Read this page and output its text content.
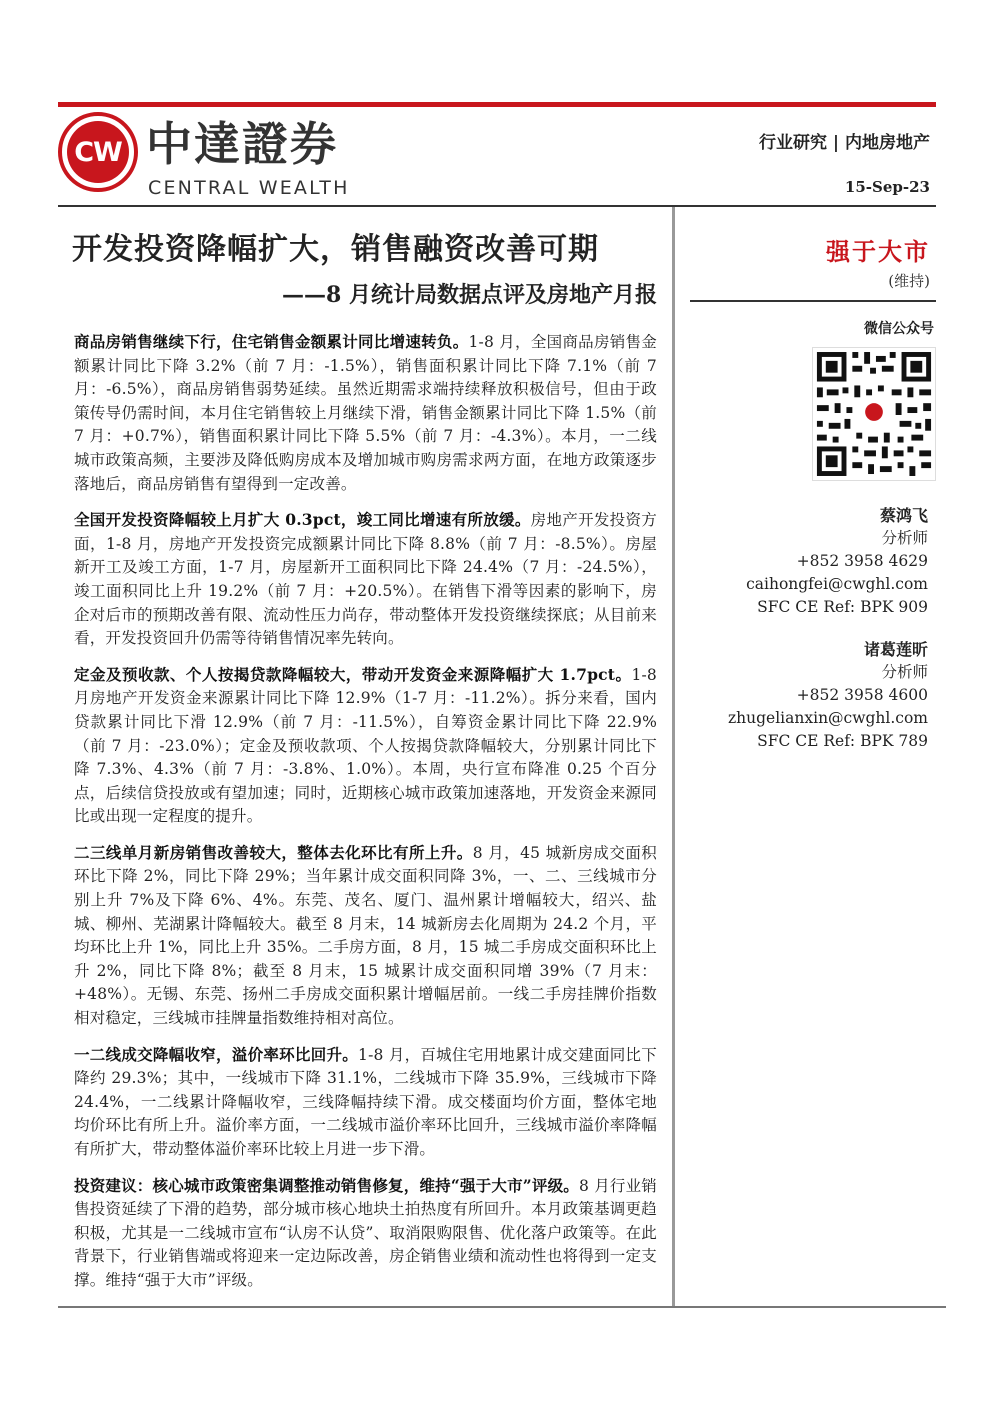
CW 中達證券
CENTRAL WEALTH
行业研究 | 内地房地产
15-Sep-23
开发投资降幅扩大，销售融资改善可期
——8 月统计局数据点评及房地产月报
强于大市
(维持)
微信公众号
蔡鸿飞
分析师
+852 3958 4629
caihongfei@cwghl.com
SFC CE Ref: BPK 909
诸葛莲昕
分析师
+852 3958 4600
zhugelianxin@cwghl.com
SFC CE Ref: BPK 789

商品房销售继续下行，住宅销售金额累计同比增速转负。1-8 月，全国商品房销售金额累计同比下降 3.2%（前 7 月：-1.5%），销售面积累计同比下降 7.1%（前 7 月：-6.5%），商品房销售弱势延续。虽然近期需求端持续释放积极信号，但由于政策传导仍需时间，本月住宅销售较上月继续下滑，销售金额累计同比下降 1.5%（前 7 月：+0.7%），销售面积累计同比下降 5.5%（前 7 月：-4.3%）。本月，一二线城市政策高频，主要涉及降低购房成本及增加城市购房需求两方面，在地方政策逐步落地后，商品房销售有望得到一定改善。

全国开发投资降幅较上月扩大 0.3pct，竣工同比增速有所放缓。房地产开发投资方面，1-8 月，房地产开发投资完成额累计同比下降 8.8%（前 7 月：-8.5%）。房屋新开工及竣工方面，1-7 月，房屋新开工面积同比下降 24.4%（7 月：-24.5%），竣工面积同比上升 19.2%（前 7 月：+20.5%）。在销售下滑等因素的影响下，房企对后市的预期改善有限、流动性压力尚存，带动整体开发投资继续探底；从目前来看，开发投资回升仍需等待销售情况率先转向。

定金及预收款、个人按揭贷款降幅较大，带动开发资金来源降幅扩大 1.7pct。1-8 月房地产开发资金来源累计同比下降 12.9%（1-7 月：-11.2%）。拆分来看，国内贷款累计同比下滑 12.9%（前 7 月：-11.5%），自筹资金累计同比下降 22.9%（前 7 月：-23.0%）；定金及预收款项、个人按揭贷款降幅较大，分别累计同比下降 7.3%、4.3%（前 7 月：-3.8%、1.0%）。本周，央行宣布降准 0.25 个百分点，后续信贷投放或有望加速；同时，近期核心城市政策加速落地，开发资金来源同比或出现一定程度的提升。

二三线单月新房销售改善较大，整体去化环比有所上升。8 月，45 城新房成交面积环比下降 2%，同比下降 29%；当年累计成交面积同降 3%，一、二、三线城市分别上升 7%及下降 6%、4%。东莞、茂名、厦门、温州累计增幅较大，绍兴、盐城、柳州、芜湖累计降幅较大。截至 8 月末，14 城新房去化周期为 24.2 个月，平均环比上升 1%，同比上升 35%。二手房方面，8 月，15 城二手房成交面积环比上升 2%，同比下降 8%；截至 8 月末，15 城累计成交面积同增 39%（7 月末：+48%）。无锡、东莞、扬州二手房成交面积累计增幅居前。一线二手房挂牌价指数相对稳定，三线城市挂牌量指数维持相对高位。

一二线成交降幅收窄，溢价率环比回升。1-8 月，百城住宅用地累计成交建面同比下降约 29.3%；其中，一线城市下降 31.1%，二线城市下降 35.9%，三线城市下降 24.4%，一二线累计降幅收窄，三线降幅持续下滑。成交楼面均价方面，整体宅地均价环比有所上升。溢价率方面，一二线城市溢价率环比回升，三线城市溢价率降幅有所扩大，带动整体溢价率环比较上月进一步下滑。

投资建议：核心城市政策密集调整推动销售修复，维持“强于大市”评级。8 月行业销售投资延续了下滑的趋势，部分城市核心地块土拍热度有所回升。本月政策基调更趋积极，尤其是一二线城市宣布“认房不认贷”、取消限购限售、优化落户政策等。在此背景下，行业销售端或将迎来一定边际改善，房企销售业绩和流动性也将得到一定支撑。维持“强于大市”评级。
